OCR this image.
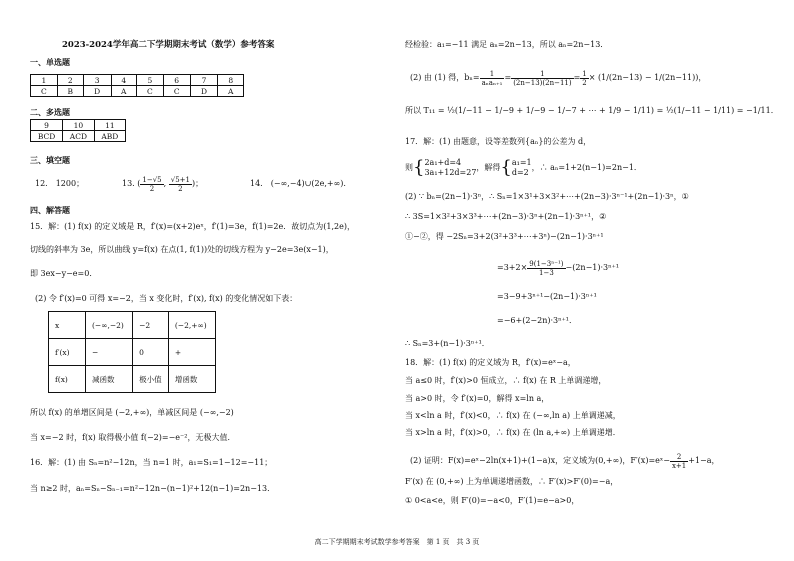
2023-2024学年高二下学期期末考试（数学）参考答案
一、单选题
1	2	3	4	5	6	7	8
C	B	D	A	C	C	D	A
二、多选题
9	10	11
BCD	ACD	ABD
三、填空题
12.　1200；	13. ( $\frac{1-√5}{2}$ , $\frac{√5+1}{2}$ )；	14.　(−∞,−4)∪(2e,+∞).
四、解答题
15．解：(1) f(x) 的定义域是 R，f′(x)=(x+2)eˣ，f′(1)=3e，f(1)=2e．故切点为(1,2e)，
切线的斜率为 3e，所以曲线 y=f(x) 在点(1, f(1))处的切线方程为 y−2e=3e(x−1)，
即 3ex−y−e=0．
(2) 令 f′(x)=0 可得 x=−2，当 x 变化时，f′(x), f(x) 的变化情况如下表：
x	(−∞,−2)	−2	(−2,+∞)
f′(x)	−	0	+
f(x)	减函数	极小值	增函数
所以 f(x) 的单增区间是 (−2,+∞)，单减区间是 (−∞,−2)
当 x=−2 时，f(x) 取得极小值 f(−2)=−e⁻²，无极大值．
16．解：(1) 由 Sₙ=n²−12n，当 n=1 时，a₁=S₁=1−12=−11；
当 n≥2 时，aₙ=Sₙ−Sₙ₋₁=n²−12n−(n−1)²+12(n−1)=2n−13．
经检验：a₁=−11 满足 aₙ=2n−13，所以 aₙ=2n−13．
(2) 由 (1) 得，$b_n= \frac{1}{\text{aₙaₙ₊₁}} = \frac{1}{(2n-13)(2n-11)} = \frac{1}{2} \times (1/(2n-13) - 1/(2n-11))$，
所以 T₁₁ = ½(1/−11 − 1/−9 + 1/−9 − 1/−7 + ⋯ + 1/9 − 1/11) = ½(1/−11 − 1/11) = −1/11．
17．解：(1) 由题意，设等差数列{aₙ}的公差为 d，
则{ 2a₁+d=4
3a₁+12d=27
，解得{ a₁=1
d=2
，∴ aₙ=1+2(n−1)=2n−1．
(2) ∵ bₙ=(2n−1)·3ⁿ，∴ Sₙ=1×3¹+3×3²+⋯+(2n−3)·3ⁿ⁻¹+(2n−1)·3ⁿ，①
∴ 3S=1×3²+3×3³+⋯+(2n−3)·3ⁿ+(2n−1)·3ⁿ⁺¹，②
①−②，得 −2Sₙ=3+2(3²+3³+⋯+3ⁿ)−(2n−1)·3ⁿ⁺¹
$=3+2\times \frac{\text{9(1−3ⁿ⁻¹)}}{1-3} -(2n-1)\cdot 3^{n+1}$
=3−9+3ⁿ⁺¹−(2n−1)·3ⁿ⁺¹
=−6+(2−2n)·3ⁿ⁺¹．
∴ Sₙ=3+(n−1)·3ⁿ⁺¹．
18．解：(1) f(x) 的定义域为 R，f′(x)=eˣ−a，
当 a≤0 时，f′(x)>0 恒成立，∴ f(x) 在 R 上单调递增，
当 a>0 时，令 f′(x)=0，解得 x=ln a，
当 x<ln a 时，f′(x)<0，∴ f(x) 在 (−∞,ln a) 上单调递减，
当 x>ln a 时，f′(x)>0，∴ f(x) 在 (ln a,+∞) 上单调递增．
(2) 证明：F(x)=eˣ−2ln(x+1)+(1−a)x，定义域为(0,+∞)，F′(x)=eˣ− $\frac{2}{x+1} +1-a$，
F′(x) 在 (0,+∞) 上为单调递增函数，∴ F′(x)>F′(0)=−a，
① 0<a<e，则 F′(0)=−a<0，F′(1)=e−a>0，
高二下学期期末考试数学参考答案　第 1 页　共 3 页
